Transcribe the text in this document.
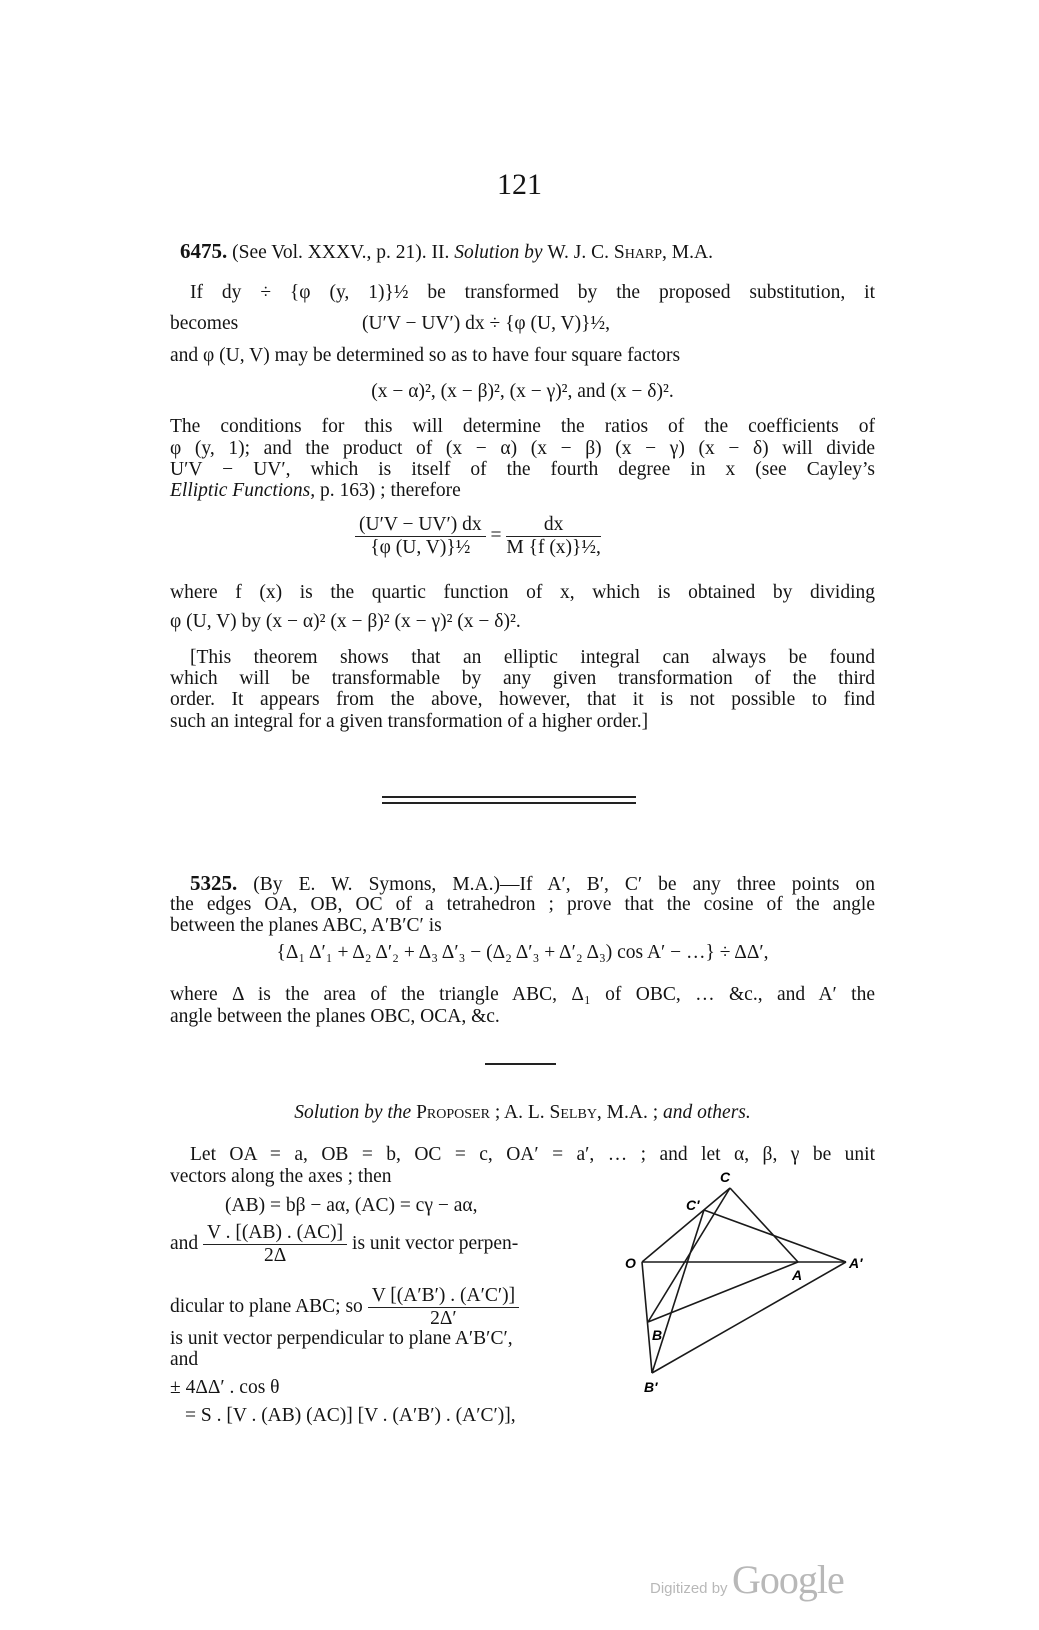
121
6475. (See Vol. XXXV., p. 21). II. Solution by W. J. C. Sharp, M.A.
If dy ÷ {φ (y, 1)}½ be transformed by the proposed substitution, it
becomes	(U′V − UV′) dx ÷ {φ (U, V)}½,
and φ (U, V) may be determined so as to have four square factors
(x − α)², (x − β)², (x − γ)², and (x − δ)².
The conditions for this will determine the ratios of the coefficients of
φ (y, 1); and the product of (x − α) (x − β) (x − γ) (x − δ) will divide
U′V − UV′, which is itself of the fourth degree in x (see Cayley’s
Elliptic Functions, p. 163) ; therefore
$\frac{(U'V - UV') dx}{\text{\{φ (U, V)\}½}} = \frac{dx}{\text{M \{f (x)\}½,}}$
where f (x) is the quartic function of x, which is obtained by dividing
φ (U, V) by (x − α)² (x − β)² (x − γ)² (x − δ)².
[This theorem shows that an elliptic integral can always be found
which will be transformable by any given transformation of the third
order. It appears from the above, however, that it is not possible to find
such an integral for a given transformation of a higher order.]
5325. (By E. W. Symons, M.A.)—If A′, B′, C′ be any three points on
the edges OA, OB, OC of a tetrahedron ; prove that the cosine of the angle
between the planes ABC, A′B′C′ is
{Δ₁ Δ′₁ + Δ₂ Δ′₂ + Δ₃ Δ′₃ − (Δ₂ Δ′₃ + Δ′₂ Δ₃) cos A′ − …} ÷ ΔΔ′,
where Δ is the area of the triangle ABC, Δ₁ of OBC, … &c., and A′ the
angle between the planes OBC, OCA, &c.
Solution by the Proposer ; A. L. Selby, M.A. ; and others.
Let OA = a, OB = b, OC = c, OA′ = a′, … ; and let α, β, γ be unit
vectors along the axes ; then
(AB) = bβ − aα, (AC) = cγ − aα,
and $\frac{V . [(AB) . (AC)]}{2\Delta}$ is unit vector perpen-
dicular to plane ABC; so $\frac{V [(A'B') . (A'C')]}{2\Delta'}$
is unit vector perpendicular to plane A′B′C′,
and
± 4ΔΔ′ . cos θ
= S . [V . (AB) (AC)] [V . (A′B′) . (A′C′)],
C
C′
O
A
A′
B
B′
Digitized by Google
